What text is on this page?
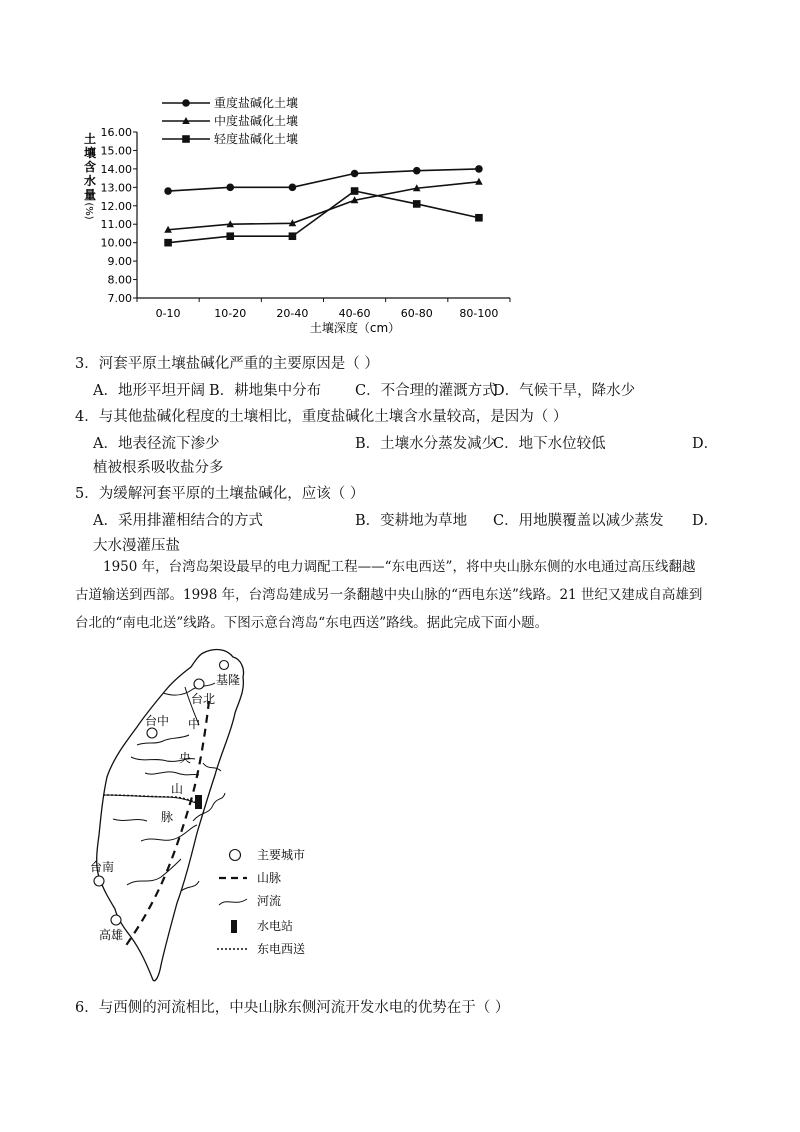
7.00
8.00
9.00
10.00
11.00
12.00
13.00
14.00
15.00
16.00
0-10	10-20	20-40	40-60	60-80 80-100
重度盐碱化土壤
中度盐碱化土壤
轻度盐碱化土壤
土
壤
含
水
量
(%)
土壤深度（cm）
3．河套平原土壤盐碱化严重的主要原因是（ ）
A．地形平坦开阔 B．耕地集中分布 C．不合理的灌溉方式
D．气候干旱，降水少
4．与其他盐碱化程度的土壤相比，重度盐碱化土壤含水量较高，是因为（ ）
A．地表径流下渗少	B．土壤水分蒸发减少
C．地下水位较低	D．
植被根系吸收盐分多
5．为缓解河套平原的土壤盐碱化，应该（ ）
A．采用排灌相结合的方式	B．变耕地为草地 C．用地膜覆盖以减少蒸发 D．
大水漫灌压盐
1950 年，台湾岛架设最早的电力调配工程——“东电西送”，将中央山脉东侧的水电通过高压线翻越
古道输送到西部。1998 年，台湾岛建成另一条翻越中央山脉的“西电东送”线路。21 世纪又建成自高雄到
台北的“南电北送”线路。下图示意台湾岛“东电西送”路线。据此完成下面小题。
基隆
台北
台中
台南
高雄
中
央
山
脉
主要城市
山脉
河流
水电站
东电西送
6．与西侧的河流相比，中央山脉东侧河流开发水电的优势在于（ ）
